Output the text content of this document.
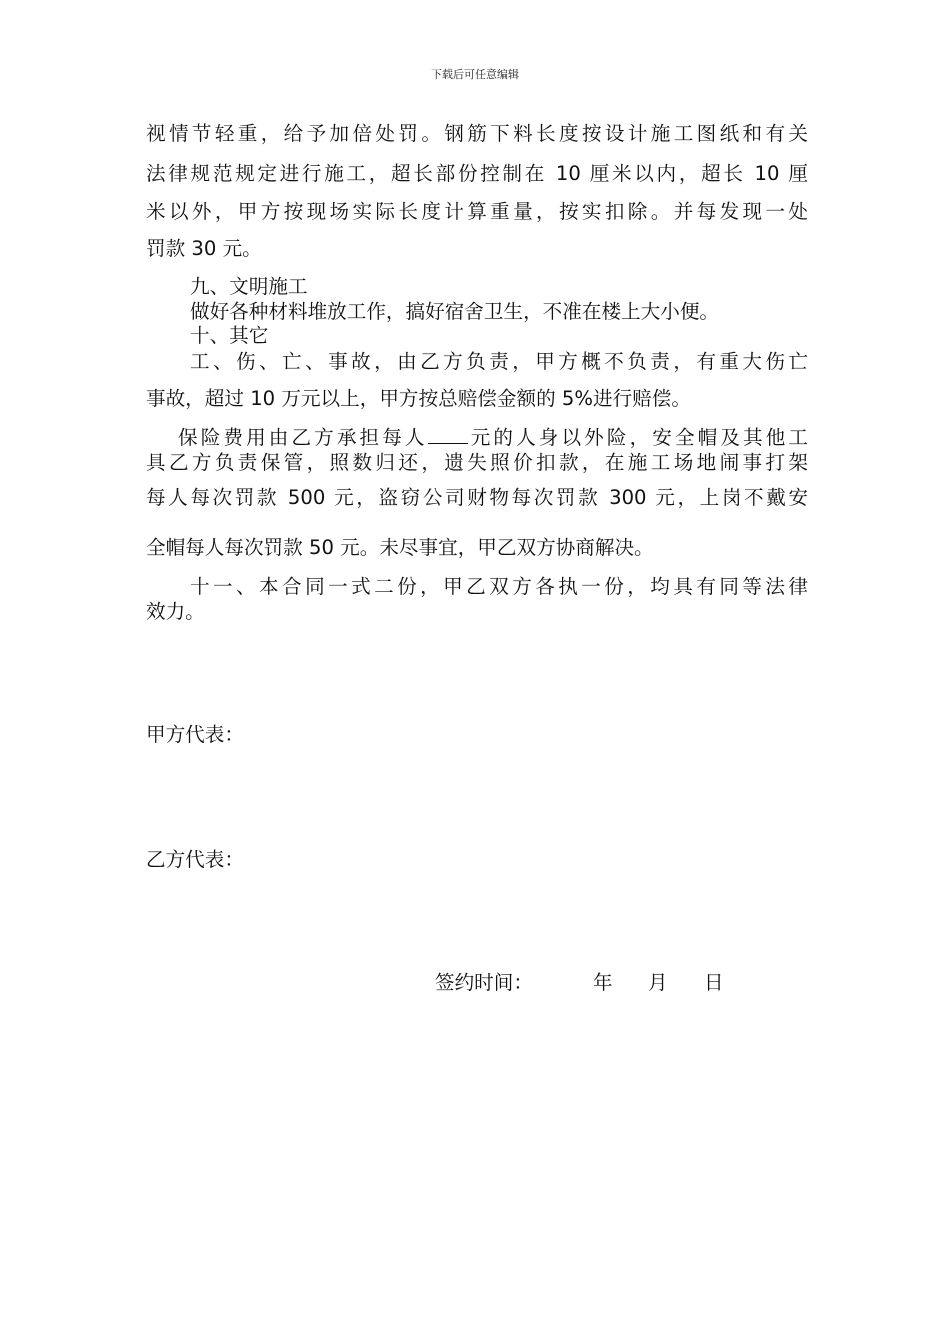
下载后可任意编辑
视情节轻重，给予加倍处罚。钢筋下料长度按设计施工图纸和有关
法律规范规定进行施工，超长部份控制在 10 厘米以内，超长 10 厘
米以外，甲方按现场实际长度计算重量，按实扣除。并每发现一处
罚款 30 元。
九、文明施工
做好各种材料堆放工作，搞好宿舍卫生，不准在楼上大小便。
十、其它
工、伤、亡、事故，由乙方负责，甲方概不负责，有重大伤亡
事故，超过 10 万元以上，甲方按总赔偿金额的 5%进行赔偿。
保险费用由乙方承担每人 元的人身以外险，安全帽及其他工
具乙方负责保管，照数归还，遗失照价扣款，在施工场地闹事打架
每人每次罚款 500 元，盗窃公司财物每次罚款 300 元，上岗不戴安
全帽每人每次罚款 50 元。未尽事宜，甲乙双方协商解决。
十一、本合同一式二份，甲乙双方各执一份，均具有同等法律
效力。
甲方代表：
乙方代表：
签约时间：	年 月 日
